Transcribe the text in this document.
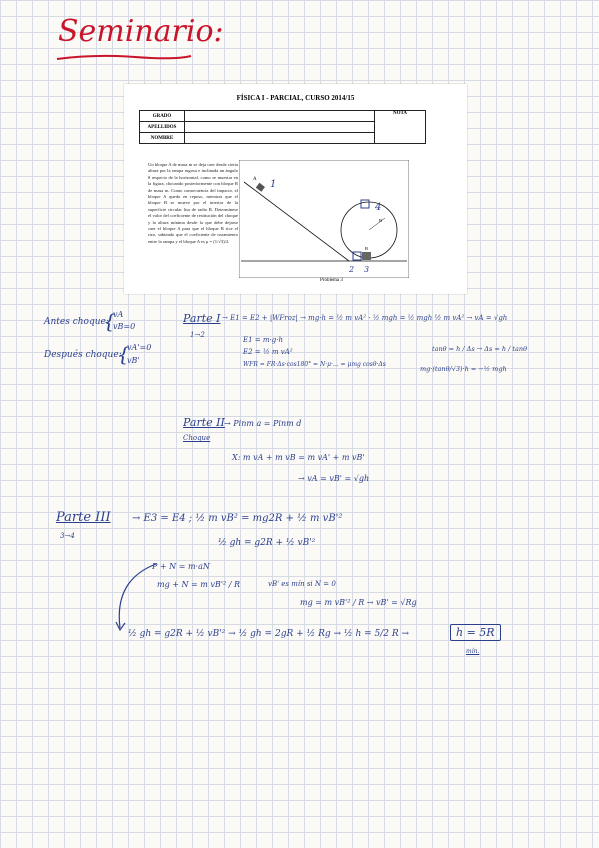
Seminario:
FÍSICA I - PARCIAL, CURSO 2014/15
GRADO		NOTA
APELLIDOS		
NOMBRE		
Un bloque A de masa m se deja caer desde cierta altura por la rampa rugosa e inclinada un ángulo θ respecto de la horizontal, como se muestra en la figura, chocando posteriormente con bloque B de masa m. Como consecuencia del impacto, el bloque A queda en reposo, mientras que el bloque B se mueve por el interior de la superficie circular lisa de radio R. Determínese el valor del coeficiente de restitución del choque y la altura mínima desde la que debe dejarse caer el bloque A para que el bloque B rice el rizo, sabiendo que el coeficiente de rozamiento entre la rampa y el bloque A es μ = (1/√3)/2.
A 1
4
2 3
B
R
Problema 3
Antes choque:
{
vA
vB=0
Después choque:
{
vA'=0
vB'
Parte I
1→2
→ E1 = E2 + |WFroz| → mg·h = ½ m vA² · ½ mgh = ½ mgh ½ m vA² → vA = √gh
E1 = m·g·h
E2 = ½ m vA²
WFR = FR·Δs·cos180° = N·μ·... = μmg cosθ·Δs
tanθ = h / Δs → Δs = h / tanθ
mg·(tanθ/√3)·h = −½ mgh
Parte II
Choque
→ Pinm a = Pinm d
X: m vA + m vB = m vA' + m vB'
→ vA = vB' = √gh
Parte III
3→4
→ E3 = E4 ; ½ m vB² = mg2R + ½ m vB'²
½ gh = g2R + ½ vB'²
P + N = m·aN
mg + N = m vB'² / R	vB' es mín si N = 0
mg = m vB'² / R → vB' = √Rg
½ gh = g2R + ½ vB'² → ½ gh = 2gR + ½ Rg → ½ h = 5/2 R →	h = 5R
mín.
